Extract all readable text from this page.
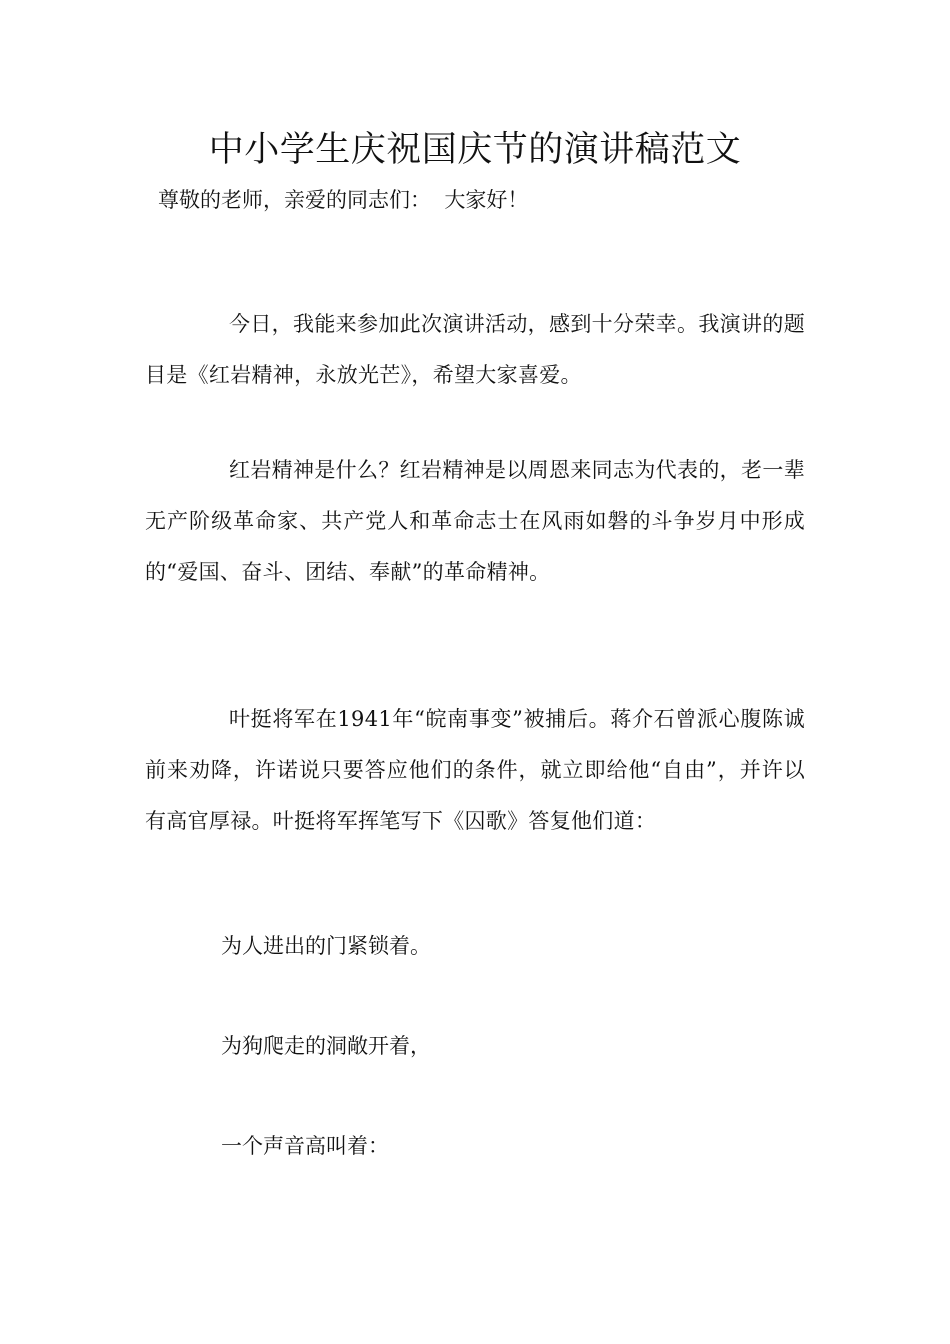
中小学生庆祝国庆节的演讲稿范文
尊敬的老师，亲爱的同志们：  大家好！

今日，我能来参加此次演讲活动，感到十分荣幸。我演讲的题目是《红岩精神，永放光芒》，希望大家喜爱。

红岩精神是什么？红岩精神是以周恩来同志为代表的，老一辈无产阶级革命家、共产党人和革命志士在风雨如磐的斗争岁月中形成的“爱国、奋斗、团结、奉献”的革命精神。

叶挺将军在1941年“皖南事变”被捕后。蒋介石曾派心腹陈诚前来劝降，许诺说只要答应他们的条件，就立即给他“自由”，并许以有高官厚禄。叶挺将军挥笔写下《囚歌》答复他们道：

为人进出的门紧锁着。
为狗爬走的洞敞开着，
一个声音高叫着：
